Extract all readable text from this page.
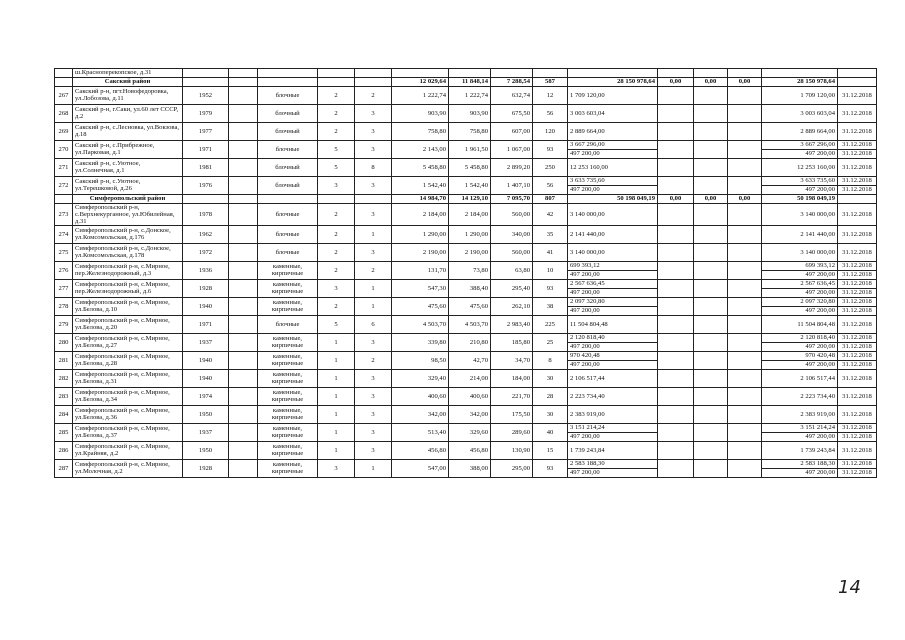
	ш.Краснoперекопское, д.31															
	Сакский район						12 029,64	11 848,14	7 288,54	587	28 150 978,64	0,00	0,00	0,00	28 150 978,64	
267	Сакский р-н, пгт.Новофедоровка, ул.Лобозова, д.11	1952		блочные	2	2	1 222,74	1 222,74	632,74	12	1 709 120,00				1 709 120,00	31.12.2018
268	Сакский р-н, г.Саки, ул.60 лет СССР, д.2	1979		блочный	2	3	903,90	903,90	675,50	56	3 003 603,04				3 003 603,04	31.12.2018
269	Сакский р-н, с.Лесновка, ул.Вокзова, д.18	1977		блочный	2	3	758,80	758,80	607,00	120	2 889 664,00				2 889 664,00	31.12.2018
270	Сакский р-н, с.Прибрежное, ул.Парковая, д.1	1971		блочные	5	3	2 143,00	1 961,50	1 067,00	93	3 667 296,00				3 667 296,00	31.12.2018
											497 200,00				497 200,00	31.12.2018
271	Сакский р-н, с.Уютное, ул.Солнечная, д.1	1981		блочный	5	8	5 458,80	5 458,80	2 899,20	250	12 253 160,00				12 253 160,00	31.12.2018
272	Сакский р-н, с.Уютное, ул.Терешковой, д.26	1976		блочный	3	3	1 542,40	1 542,40	1 407,10	56	3 633 735,60				3 633 735,60	31.12.2018
											497 200,00				497 200,00	31.12.2018
	Симферопольский район						14 984,70	14 129,10	7 095,70	807	50 198 049,19	0,00	0,00	0,00	50 198 049,19	
273	Симферопольский р-н, с.Верхнекурганное, ул.Юбилейная, д.31	1978		блочные	2	3	2 184,00	2 184,00	560,00	42	3 140 000,00				3 140 000,00	31.12.2018
274	Симферопольский р-н, с.Донское, ул.Комсомольская, д.176	1962		блочные	2	1	1 290,00	1 290,00	340,00	35	2 141 440,00				2 141 440,00	31.12.2018
275	Симферопольский р-н, с.Донское, ул.Комсомольская, д.178	1972		блочные	2	3	2 190,00	2 190,00	560,00	41	3 140 000,00				3 140 000,00	31.12.2018
276	Симферопольский р-н, с.Мирное, пер.Железнодорожный, д.3	1936		каменные, кирпичные	2	2	131,70	73,80	63,80	10	699 393,12				699 393,12	31.12.2018
											497 200,00				497 200,00	31.12.2018
277	Симферопольский р-н, с.Мирное, пер.Железнодорожный, д.6	1928		каменные, кирпичные	3	1	547,30	388,40	295,40	93	2 567 636,45				2 567 636,45	31.12.2018
											497 200,00				497 200,00	31.12.2018
278	Симферопольский р-н, с.Мирное, ул.Белова, д.10	1940		каменные, кирпичные	2	1	475,60	475,60	262,10	38	2 097 320,80				2 097 320,80	31.12.2018
											497 200,00				497 200,00	31.12.2018
279	Симферопольский р-н, с.Мирное, ул.Белова, д.20	1971		блочные	5	6	4 503,70	4 503,70	2 983,40	225	11 504 804,48				11 504 804,48	31.12.2018
280	Симферопольский р-н, с.Мирное, ул.Белова, д.27	1937		каменные, кирпичные	1	3	339,80	210,80	185,80	25	2 120 818,40				2 120 818,40	31.12.2018
											497 200,00				497 200,00	31.12.2018
281	Симферопольский р-н, с.Мирное, ул.Белова, д.28	1940		каменные, кирпичные	1	2	98,50	42,70	34,70	8	970 420,48				970 420,48	31.12.2018
											497 200,00				497 200,00	31.12.2018
282	Симферопольский р-н, с.Мирное, ул.Белова, д.31	1940		каменные, кирпичные	1	3	329,40	214,00	184,00	30	2 106 517,44				2 106 517,44	31.12.2018
283	Симферопольский р-н, с.Мирное, ул.Белова, д.34	1974		каменные, кирпичные	1	3	400,60	400,60	221,70	28	2 223 734,40				2 223 734,40	31.12.2018
284	Симферопольский р-н, с.Мирное, ул.Белова, д.36	1950		каменные, кирпичные	1	3	342,00	342,00	175,50	30	2 383 919,00				2 383 919,00	31.12.2018
285	Симферопольский р-н, с.Мирное, ул.Белова, д.37	1937		каменные, кирпичные	1	3	513,40	329,60	289,60	40	3 151 214,24				3 151 214,24	31.12.2018
											497 200,00				497 200,00	31.12.2018
286	Симферопольский р-н, с.Мирное, ул.Крайняя, д.2	1950		каменные, кирпичные	1	3	456,80	456,80	130,90	15	1 739 243,84				1 739 243,84	31.12.2018
287	Симферопольский р-н, с.Мирное, ул.Молочная, д.2	1928		каменные, кирпичные	3	1	547,00	388,00	295,00	93	2 583 188,30				2 583 188,30	31.12.2018
											497 200,00				497 200,00	31.12.2018
14
